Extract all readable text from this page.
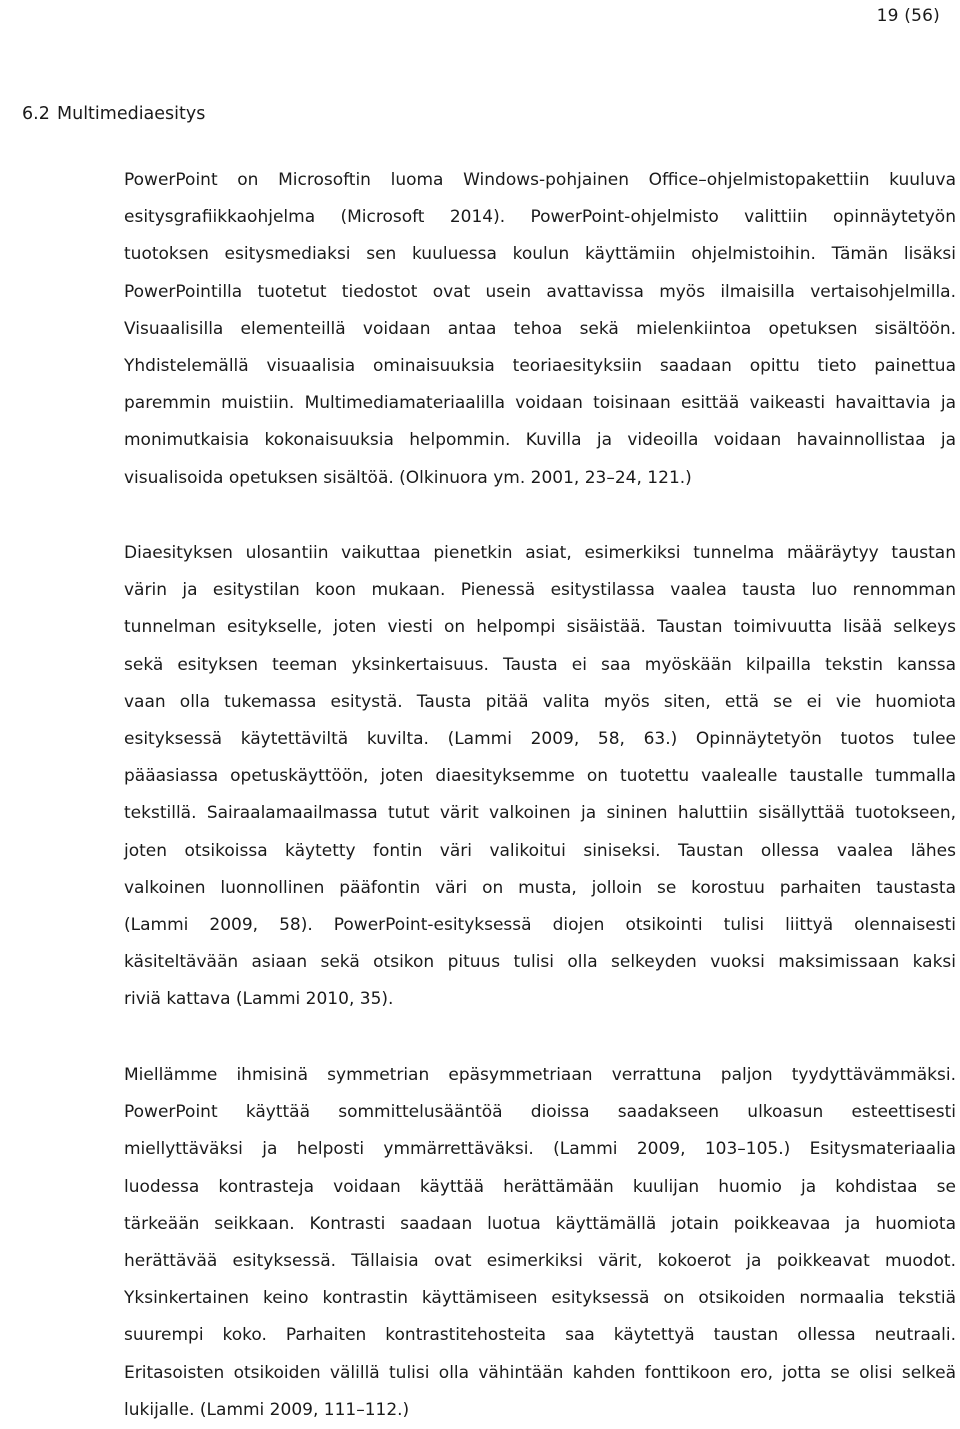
19 (56)
6.2 Multimediaesitys
PowerPoint on Microsoftin luoma Windows-pohjainen Office–ohjelmistopakettiin kuuluva
esitysgrafiikkaohjelma (Microsoft 2014). PowerPoint-ohjelmisto valittiin opinnäytetyön
tuotoksen esitysmediaksi sen kuuluessa koulun käyttämiin ohjelmistoihin. Tämän lisäksi
PowerPointilla tuotetut tiedostot ovat usein avattavissa myös ilmaisilla vertaisohjelmilla.
Visuaalisilla elementeillä voidaan antaa tehoa sekä mielenkiintoa opetuksen sisältöön.
Yhdistelemällä visuaalisia ominaisuuksia teoriaesityksiin saadaan opittu tieto painettua
paremmin muistiin. Multimediamateriaalilla voidaan toisinaan esittää vaikeasti havaittavia ja
monimutkaisia kokonaisuuksia helpommin. Kuvilla ja videoilla voidaan havainnollistaa ja
visualisoida opetuksen sisältöä. (Olkinuora ym. 2001, 23–24, 121.)
Diaesityksen ulosantiin vaikuttaa pienetkin asiat, esimerkiksi tunnelma määräytyy taustan
värin ja esitystilan koon mukaan. Pienessä esitystilassa vaalea tausta luo rennomman
tunnelman esitykselle, joten viesti on helpompi sisäistää. Taustan toimivuutta lisää selkeys
sekä esityksen teeman yksinkertaisuus. Tausta ei saa myöskään kilpailla tekstin kanssa
vaan olla tukemassa esitystä. Tausta pitää valita myös siten, että se ei vie huomiota
esityksessä käytettäviltä kuvilta. (Lammi 2009, 58, 63.) Opinnäytetyön tuotos tulee
pääasiassa opetuskäyttöön, joten diaesityksemme on tuotettu vaalealle taustalle tummalla
tekstillä. Sairaalamaailmassa tutut värit valkoinen ja sininen haluttiin sisällyttää tuotokseen,
joten otsikoissa käytetty fontin väri valikoitui siniseksi. Taustan ollessa vaalea lähes
valkoinen luonnollinen pääfontin väri on musta, jolloin se korostuu parhaiten taustasta
(Lammi 2009, 58). PowerPoint-esityksessä diojen otsikointi tulisi liittyä olennaisesti
käsiteltävään asiaan sekä otsikon pituus tulisi olla selkeyden vuoksi maksimissaan kaksi
riviä kattava (Lammi 2010, 35).
Miellämme ihmisinä symmetrian epäsymmetriaan verrattuna paljon tyydyttävämmäksi.
PowerPoint käyttää sommittelusääntöä dioissa saadakseen ulkoasun esteettisesti
miellyttäväksi ja helposti ymmärrettäväksi. (Lammi 2009, 103–105.) Esitysmateriaalia
luodessa kontrasteja voidaan käyttää herättämään kuulijan huomio ja kohdistaa se
tärkeään seikkaan. Kontrasti saadaan luotua käyttämällä jotain poikkeavaa ja huomiota
herättävää esityksessä. Tällaisia ovat esimerkiksi värit, kokoerot ja poikkeavat muodot.
Yksinkertainen keino kontrastin käyttämiseen esityksessä on otsikoiden normaalia tekstiä
suurempi koko. Parhaiten kontrastitehosteita saa käytettyä taustan ollessa neutraali.
Eritasoisten otsikoiden välillä tulisi olla vähintään kahden fonttikoon ero, jotta se olisi selkeä
lukijalle. (Lammi 2009, 111–112.)
